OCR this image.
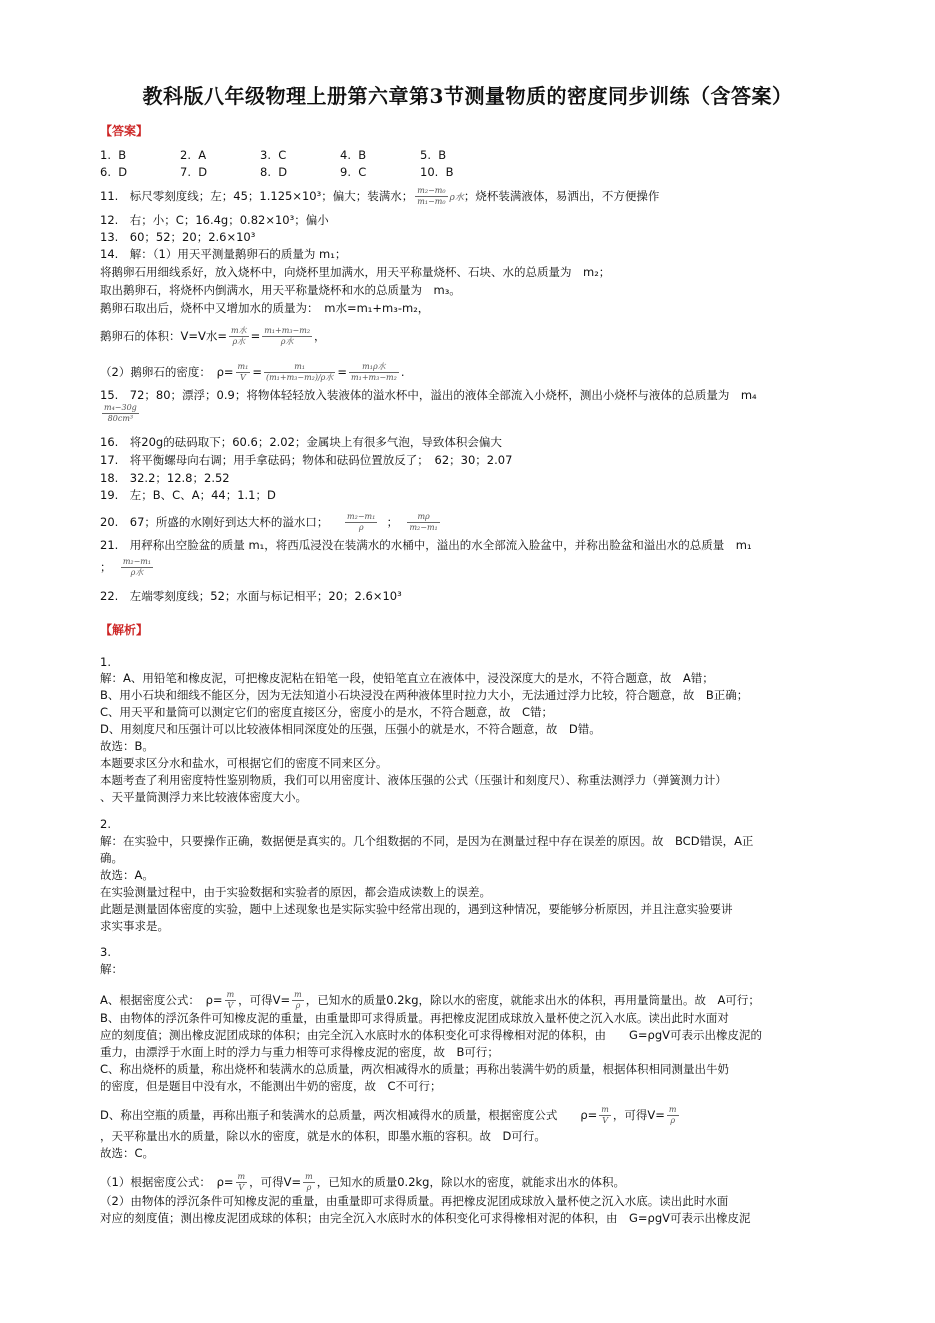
教科版八年级物理上册第六章第3节测量物质的密度同步训练（含答案）
【答案】
1. B	2. A	3. C	4. B	5. B
6. D	7. D	8. D	9. C	10. B
11.　标尺零刻度线；左；45；1.125×10³；偏大；装满水； $\frac{\text{m₂−m₀}}{\text{m₁−m₀}}$ ρ水；烧杯装满液体，易洒出，不方便操作
12.　右；小；C；16.4g；0.82×10³；偏小
13.　60；52；20；2.6×10³
14.　解：（1）用天平测量鹅卵石的质量为 m₁；
将鹅卵石用细线系好，放入烧杯中，向烧杯里加满水，用天平称量烧杯、石块、水的总质量为　m₂；
取出鹅卵石，将烧杯内倒满水，用天平称量烧杯和水的总质量为　m₃。
鹅卵石取出后，烧杯中又增加水的质量为：　m水=m₁+m₃-m₂，
鹅卵石的体积：V=V水= $\frac{\text{m水}}{\text{ρ水}} = \frac{\text{m₁+m₃−m₂}}{\text{ρ水}}$ ，
（2）鹅卵石的密度：　$\rho= \frac{\text{m₁}}{V} = \frac{\text{m₁}}{\text{(m₁+m₃−m₂)/ρ水}} = \frac{\text{m₁ρ水}}{\text{m₁+m₃−m₂}}$ .
15.　72；80；漂浮；0.9；将物体轻轻放入装液体的溢水杯中，溢出的液体全部流入小烧杯，测出小烧杯与液体的总质量为　m₄
$\frac{\text{m₄−30g}}{\text{80cm³}}$
16.　将20g的砝码取下；60.6；2.02；金属块上有很多气泡，导致体积会偏大
17.　将平衡螺母向右调；用手拿砝码；物体和砝码位置放反了；　62；30；2.07
18.　32.2；12.8；2.52
19.　左；B、C、A；44；1.1；D
20.　67；所盛的水刚好到达大杯的溢水口； $\frac{\text{m₂−m₁}}{\rho}$ ； $\frac{m\rho}{\text{m₂−m₁}}$
21.　用秤称出空脸盆的质量 m₁，将西瓜浸没在装满水的水桶中，溢出的水全部流入脸盆中，并称出脸盆和溢出水的总质量　m₁
； $\frac{\text{m₂−m₁}}{\text{ρ水}}$
22.　左端零刻度线；52；水面与标记相平；20；2.6×10³
【解析】
1.
解：A、用铅笔和橡皮泥，可把橡皮泥粘在铅笔一段，使铅笔直立在液体中，浸没深度大的是水，不符合题意，故　A错；
B、用小石块和细线不能区分，因为无法知道小石块浸没在两种液体里时拉力大小，无法通过浮力比较，符合题意，故　B正确；
C、用天平和量筒可以测定它们的密度直接区分，密度小的是水，不符合题意，故　C错；
D、用刻度尺和压强计可以比较液体相同深度处的压强，压强小的就是水，不符合题意，故　D错。
故选：B。
本题要求区分水和盐水，可根据它们的密度不同来区分。
本题考查了利用密度特性鉴别物质，我们可以用密度计、液体压强的公式（压强计和刻度尺）、称重法测浮力（弹簧测力计）
、天平量筒测浮力来比较液体密度大小。
2.
解：在实验中，只要操作正确，数据便是真实的。几个组数据的不同，是因为在测量过程中存在误差的原因。故　BCD错误，A正
确。
故选：A。
在实验测量过程中，由于实验数据和实验者的原因，都会造成读数上的误差。
此题是测量固体密度的实验，题中上述现象也是实际实验中经常出现的，遇到这种情况，要能够分析原因，并且注意实验要讲
求实事求是。
3.
解：
A、根据密度公式：　$\rho= \frac{m}{V}$ ，可得$V= \frac{m}{\rho}$ ，已知水的质量0.2kg，除以水的密度，就能求出水的体积，再用量筒量出。故　A可行；
B、由物体的浮沉条件可知橡皮泥的重量，由重量即可求得质量。再把橡皮泥团成球放入量杯使之沉入水底。读出此时水面对
应的刻度值；测出橡皮泥团成球的体积；由完全沉入水底时水的体积变化可求得橡相对泥的体积，由　　G=ρgV可表示出橡皮泥的
重力，由漂浮于水面上时的浮力与重力相等可求得橡皮泥的密度，故　B可行；
C、称出烧杯的质量，称出烧杯和装满水的总质量，两次相减得水的质量；再称出装满牛奶的质量，根据体积相同测量出牛奶
的密度，但是题目中没有水，不能测出牛奶的密度，故　C不可行；
D、称出空瓶的质量，再称出瓶子和装满水的总质量，两次相减得水的质量，根据密度公式　　$\rho= \frac{m}{V}$ ，可得$V= \frac{m}{\rho}$
，天平称量出水的质量，除以水的密度，就是水的体积，即墨水瓶的容积。故　D可行。
故选：C。
（1）根据密度公式：　$\rho= \frac{m}{V}$ ，可得$V= \frac{m}{\rho}$ ，已知水的质量0.2kg，除以水的密度，就能求出水的体积。
（2）由物体的浮沉条件可知橡皮泥的重量，由重量即可求得质量。再把橡皮泥团成球放入量杯使之沉入水底。读出此时水面
对应的刻度值；测出橡皮泥团成球的体积；由完全沉入水底时水的体积变化可求得橡相对泥的体积，由　G=ρgV可表示出橡皮泥
